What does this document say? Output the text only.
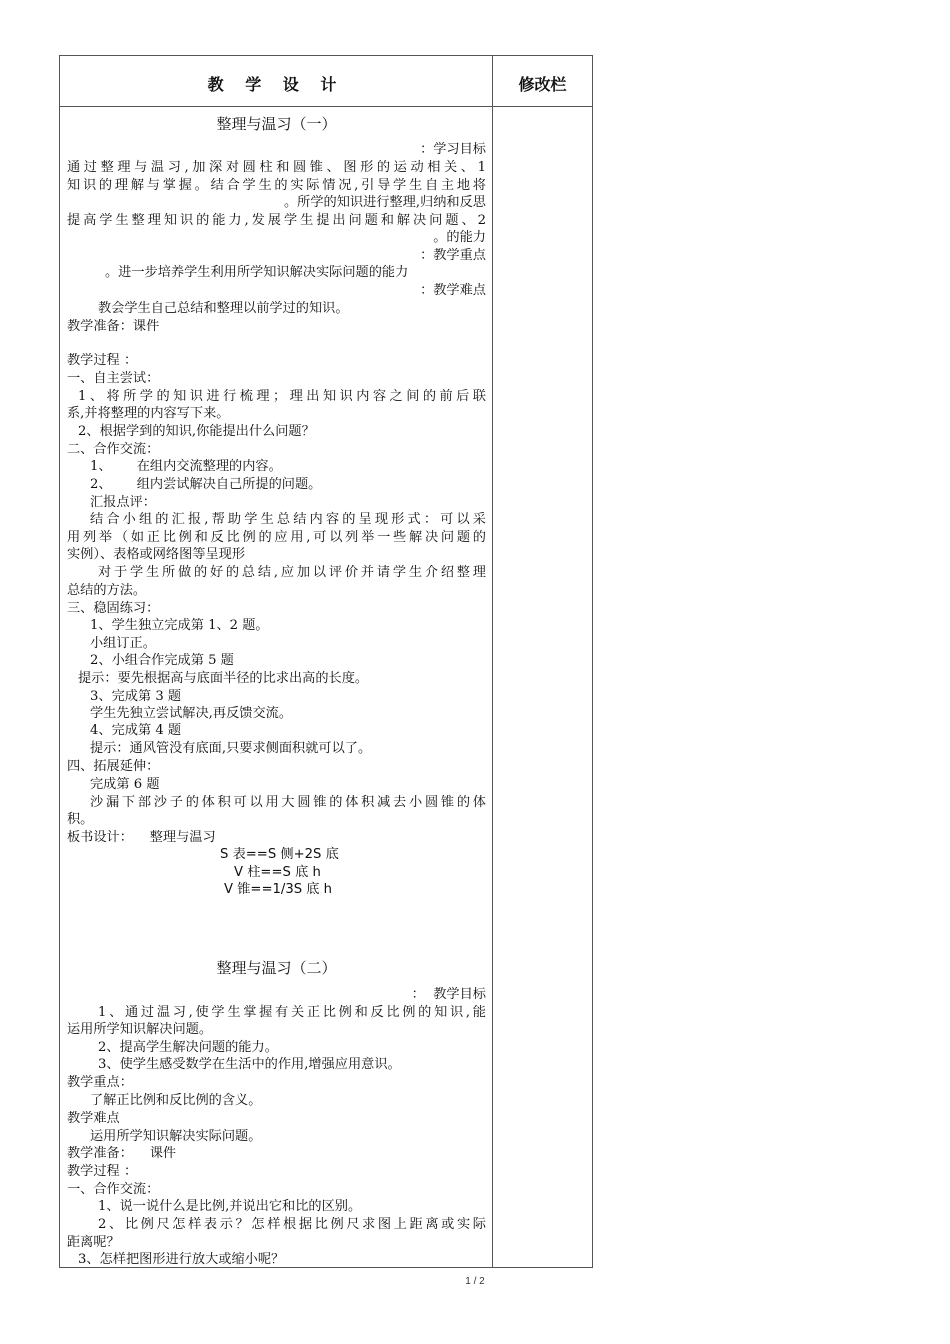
教 学 设 计	修改栏
整理与温习（一）
：学习目标
通过整理与温习,加深对圆柱和圆锥、图形的运动相关、1
知识的理解与掌握。结合学生的实际情况,引导学生自主地将
。所学的知识进行整理,归纳和反思
提高学生整理知识的能力,发展学生提出问题和解决问题、2
。的能力
：教学重点
。进一步培养学生利用所学知识解决实际问题的能力
：教学难点
教会学生自己总结和整理以前学过的知识。
教学准备：课件
教学过程 ：
一、自主尝试：
1、将所学的知识进行梳理；理出知识内容之间的前后联
系,并将整理的内容写下来。
2、根据学到的知识,你能提出什么问题？
二、合作交流：
1、      在组内交流整理的内容。
2、      组内尝试解决自己所提的问题。
汇报点评：
结合小组的汇报,帮助学生总结内容的呈现形式：可以采
用列举（如正比例和反比例的应用,可以列举一些解决问题的
实例）、表格或网络图等呈现形
对于学生所做的好的总结,应加以评价并请学生介绍整理
总结的方法。
三、稳固练习：
1、学生独立完成第 1、2 题。
小组订正。
2、小组合作完成第 5 题
提示：要先根据高与底面半径的比求出高的长度。
3、完成第 3 题
学生先独立尝试解决,再反馈交流。
4、完成第 4 题
提示：通风管没有底面,只要求侧面积就可以了。
四、拓展延伸：
完成第 6 题
沙漏下部沙子的体积可以用大圆锥的体积减去小圆锥的体
积。
板书设计：    整理与温习
S 表==S 侧+2S 底
V 柱==S 底 h
V 锥==1/3S 底 h
整理与温习（二）
：  教学目标
1、通过温习,使学生掌握有关正比例和反比例的知识,能
运用所学知识解决问题。
2、提高学生解决问题的能力。
3、使学生感受数学在生活中的作用,增强应用意识。
教学重点：
了解正比例和反比例的含义。
教学难点
运用所学知识解决实际问题。
教学准备：    课件
教学过程 ：
一、合作交流：
1、说一说什么是比例,并说出它和比的区别。
2、比例尺怎样表示？怎样根据比例尺求图上距离或实际
距离呢？
3、怎样把图形进行放大或缩小呢？
1 / 2
